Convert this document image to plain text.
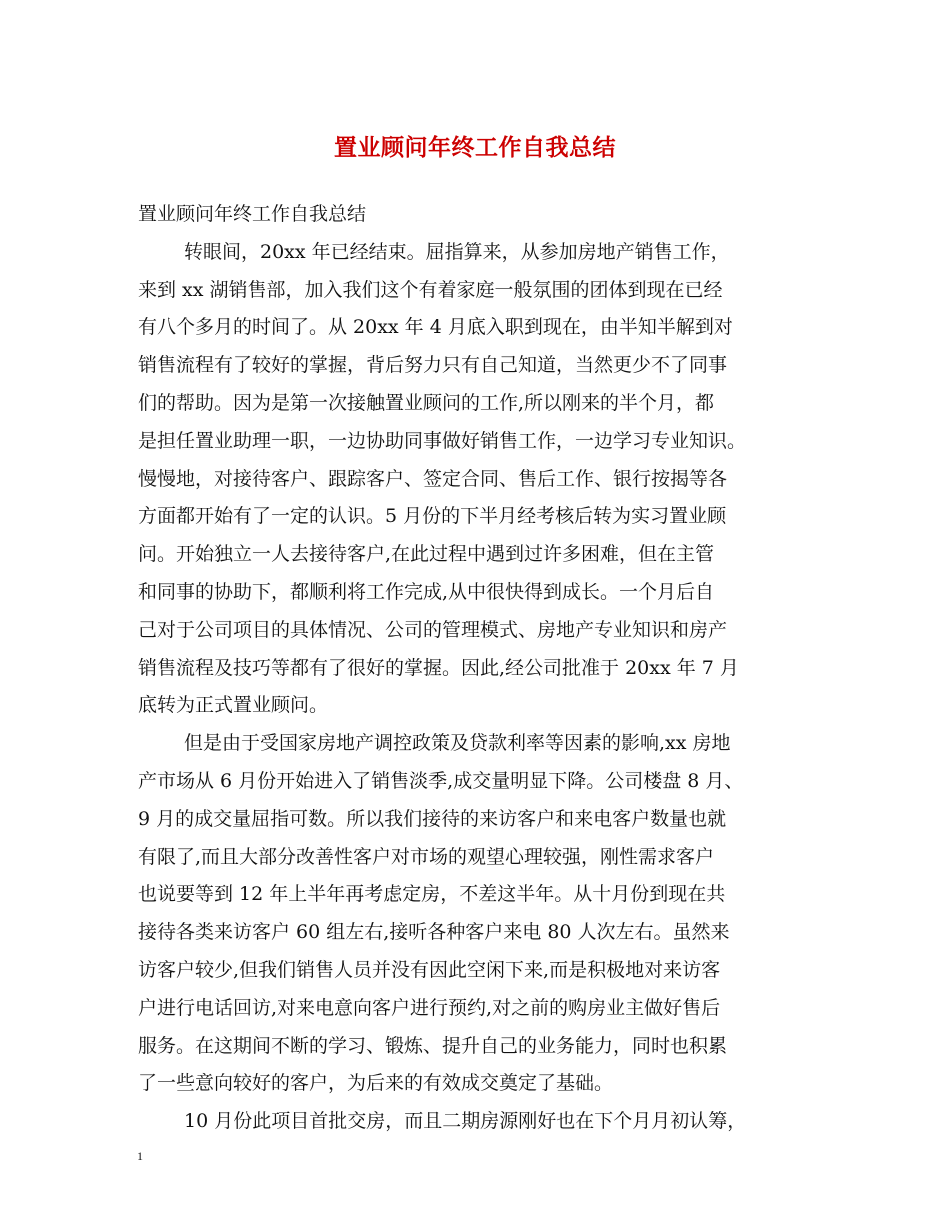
置业顾问年终工作自我总结
置业顾问年终工作自我总结
转眼间，20xx 年已经结束。屈指算来，从参加房地产销售工作，
来到 xx 湖销售部，加入我们这个有着家庭一般氛围的团体到现在已经
有八个多月的时间了。从 20xx 年 4 月底入职到现在，由半知半解到对
销售流程有了较好的掌握，背后努力只有自己知道，当然更少不了同事
们的帮助。因为是第一次接触置业顾问的工作,所以刚来的半个月，都
是担任置业助理一职，一边协助同事做好销售工作，一边学习专业知识。
慢慢地，对接待客户、跟踪客户、签定合同、售后工作、银行按揭等各
方面都开始有了一定的认识。5 月份的下半月经考核后转为实习置业顾
问。开始独立一人去接待客户,在此过程中遇到过许多困难，但在主管
和同事的协助下，都顺利将工作完成,从中很快得到成长。一个月后自
己对于公司项目的具体情况、公司的管理模式、房地产专业知识和房产
销售流程及技巧等都有了很好的掌握。因此,经公司批准于 20xx 年 7 月
底转为正式置业顾问。
但是由于受国家房地产调控政策及贷款利率等因素的影响,xx 房地
产市场从 6 月份开始进入了销售淡季,成交量明显下降。公司楼盘 8 月、
9 月的成交量屈指可数。所以我们接待的来访客户和来电客户数量也就
有限了,而且大部分改善性客户对市场的观望心理较强，刚性需求客户
也说要等到 12 年上半年再考虑定房，不差这半年。从十月份到现在共
接待各类来访客户 60 组左右,接听各种客户来电 80 人次左右。虽然来
访客户较少,但我们销售人员并没有因此空闲下来,而是积极地对来访客
户进行电话回访,对来电意向客户进行预约,对之前的购房业主做好售后
服务。在这期间不断的学习、锻炼、提升自己的业务能力，同时也积累
了一些意向较好的客户，为后来的有效成交奠定了基础。
10 月份此项目首批交房，而且二期房源刚好也在下个月月初认筹，
1
